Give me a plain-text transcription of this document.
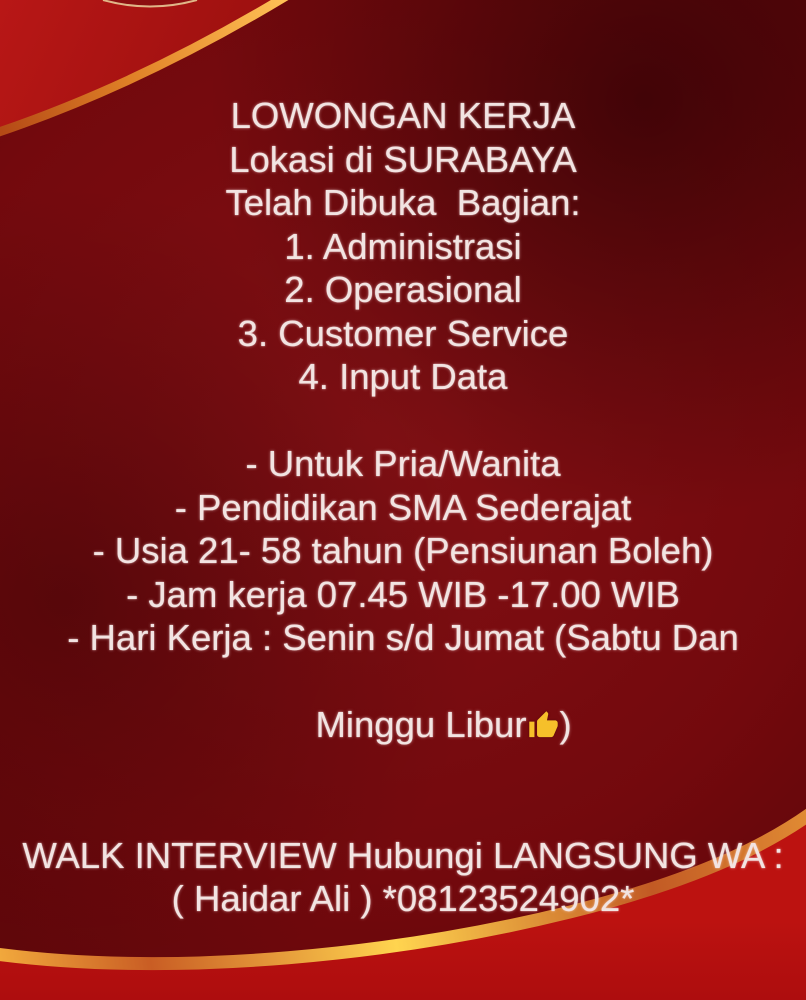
LOWONGAN KERJA
Lokasi di SURABAYA
Telah Dibuka  Bagian:
1. Administrasi
2. Operasional
3. Customer Service
4. Input Data
- Untuk Pria/Wanita
- Pendidikan SMA Sederajat
- Usia 21- 58 tahun (Pensiunan Boleh)
- Jam kerja 07.45 WIB -17.00 WIB
- Hari Kerja : Senin s/d Jumat (Sabtu Dan

Minggu Libur )

WALK INTERVIEW Hubungi LANGSUNG WA :
( Haidar Ali ) *08123524902*
